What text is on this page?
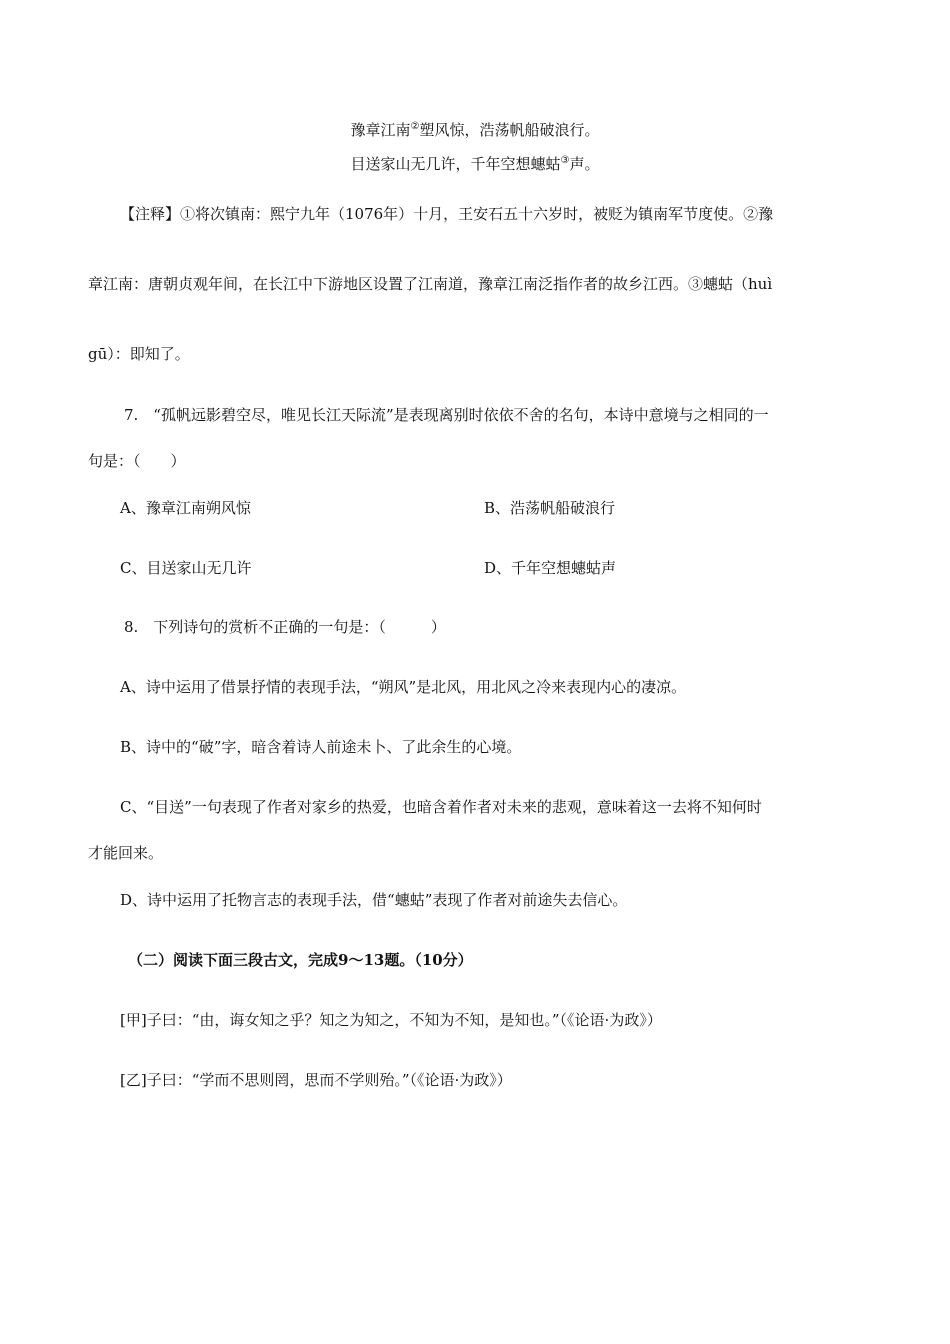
豫章江南②塑风惊，浩荡帆船破浪行。
目送家山无几许，千年空想蟪蛄③声。
【注释】①将次镇南：熙宁九年（1076年）十月，王安石五十六岁时，被贬为镇南军节度使。②豫
章江南：唐朝贞观年间，在长江中下游地区设置了江南道，豫章江南泛指作者的故乡江西。③蟪蛄（huì
gū）：即知了。
7.　“孤帆远影碧空尽，唯见长江天际流”是表现离别时依依不舍的名句，本诗中意境与之相同的一
句是：（　　）
A、豫章江南朔风惊	B、浩荡帆船破浪行
C、目送家山无几许	D、千年空想蟪蛄声
8.　下列诗句的赏析不正确的一句是：（　　　）
A、诗中运用了借景抒情的表现手法，“朔风”是北风，用北风之冷来表现内心的凄凉。
B、诗中的“破”字，暗含着诗人前途未卜、了此余生的心境。
C、“目送”一句表现了作者对家乡的热爱，也暗含着作者对未来的悲观，意味着这一去将不知何时
才能回来。
D、诗中运用了托物言志的表现手法，借“蟪蛄”表现了作者对前途失去信心。
（二）阅读下面三段古文，完成9～13题。（10分）
[甲]子曰：“由，诲女知之乎？知之为知之，不知为不知，是知也。”（《论语·为政》）
[乙]子曰：“学而不思则罔，思而不学则殆。”（《论语·为政》）
